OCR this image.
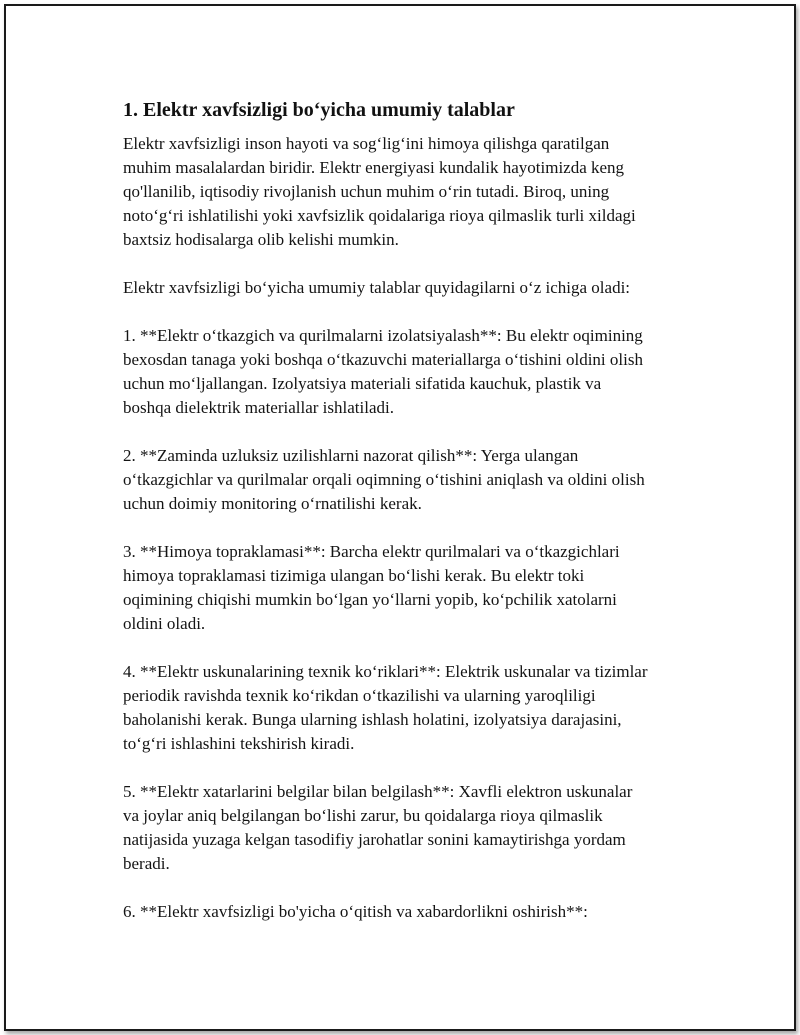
1. Elektr xavfsizligi bo‘yicha umumiy talablar

Elektr xavfsizligi inson hayoti va sog‘lig‘ini himoya qilishga qaratilgan
muhim masalalardan biridir. Elektr energiyasi kundalik hayotimizda keng
qo'llanilib, iqtisodiy rivojlanish uchun muhim o‘rin tutadi. Biroq, uning
noto‘g‘ri ishlatilishi yoki xavfsizlik qoidalariga rioya qilmaslik turli xildagi
baxtsiz hodisalarga olib kelishi mumkin.

Elektr xavfsizligi bo‘yicha umumiy talablar quyidagilarni o‘z ichiga oladi:

1. **Elektr o‘tkazgich va qurilmalarni izolatsiyalash**: Bu elektr oqimining
bexosdan tanaga yoki boshqa o‘tkazuvchi materiallarga o‘tishini oldini olish
uchun mo‘ljallangan. Izolyatsiya materiali sifatida kauchuk, plastik va
boshqa dielektrik materiallar ishlatiladi.

2. **Zaminda uzluksiz uzilishlarni nazorat qilish**: Yerga ulangan
o‘tkazgichlar va qurilmalar orqali oqimning o‘tishini aniqlash va oldini olish
uchun doimiy monitoring o‘rnatilishi kerak.

3. **Himoya topraklamasi**: Barcha elektr qurilmalari va o‘tkazgichlari
himoya topraklamasi tizimiga ulangan bo‘lishi kerak. Bu elektr toki
oqimining chiqishi mumkin bo‘lgan yo‘llarni yopib, ko‘pchilik xatolarni
oldini oladi.

4. **Elektr uskunalarining texnik ko‘riklari**: Elektrik uskunalar va tizimlar
periodik ravishda texnik ko‘rikdan o‘tkazilishi va ularning yaroqliligi
baholanishi kerak. Bunga ularning ishlash holatini, izolyatsiya darajasini,
to‘g‘ri ishlashini tekshirish kiradi.

5. **Elektr xatarlarini belgilar bilan belgilash**: Xavfli elektron uskunalar
va joylar aniq belgilangan bo‘lishi zarur, bu qoidalarga rioya qilmaslik
natijasida yuzaga kelgan tasodifiy jarohatlar sonini kamaytirishga yordam
beradi.

6. **Elektr xavfsizligi bo'yicha o‘qitish va xabardorlikni oshirish**:
